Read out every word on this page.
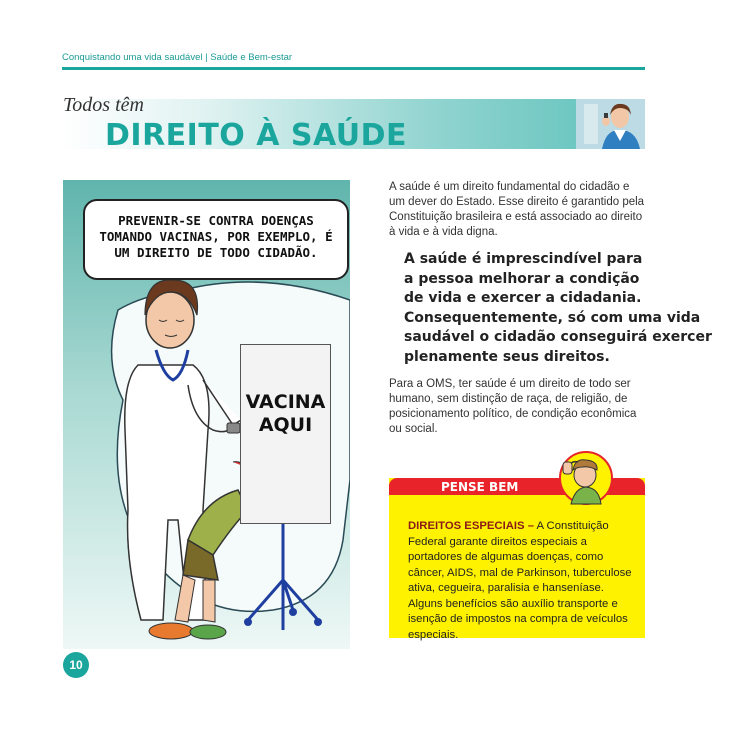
Conquistando uma vida saudável | Saúde e Bem-estar
Todos têm
DIREITO À SAÚDE
PREVENIR-SE CONTRA DOENÇAS
TOMANDO VACINAS, POR EXEMPLO, É
UM DIREITO DE TODO CIDADÃO.
VACINA
AQUI
10
A saúde é um direito fundamental do cidadão e um dever do Estado. Esse direito é garantido pela Constituição brasileira e está associado ao direito à vida e à vida digna.
A saúde é imprescindível para
a pessoa melhorar a condição
de vida e exercer a cidadania.
Consequentemente, só com uma vida
saudável o cidadão conseguirá exercer
plenamente seus direitos.
Para a OMS, ter saúde é um direito de todo ser humano, sem distinção de raça, de religião, de posicionamento político, de condição econômica ou social.
PENSE BEM
DIREITOS ESPECIAIS – A Constituição Federal garante direitos especiais a portadores de algumas doenças, como câncer, AIDS, mal de Parkinson, tuberculose ativa, cegueira, paralisia e hanseníase. Alguns benefícios são auxílio transporte e isenção de impostos na compra de veículos especiais.
